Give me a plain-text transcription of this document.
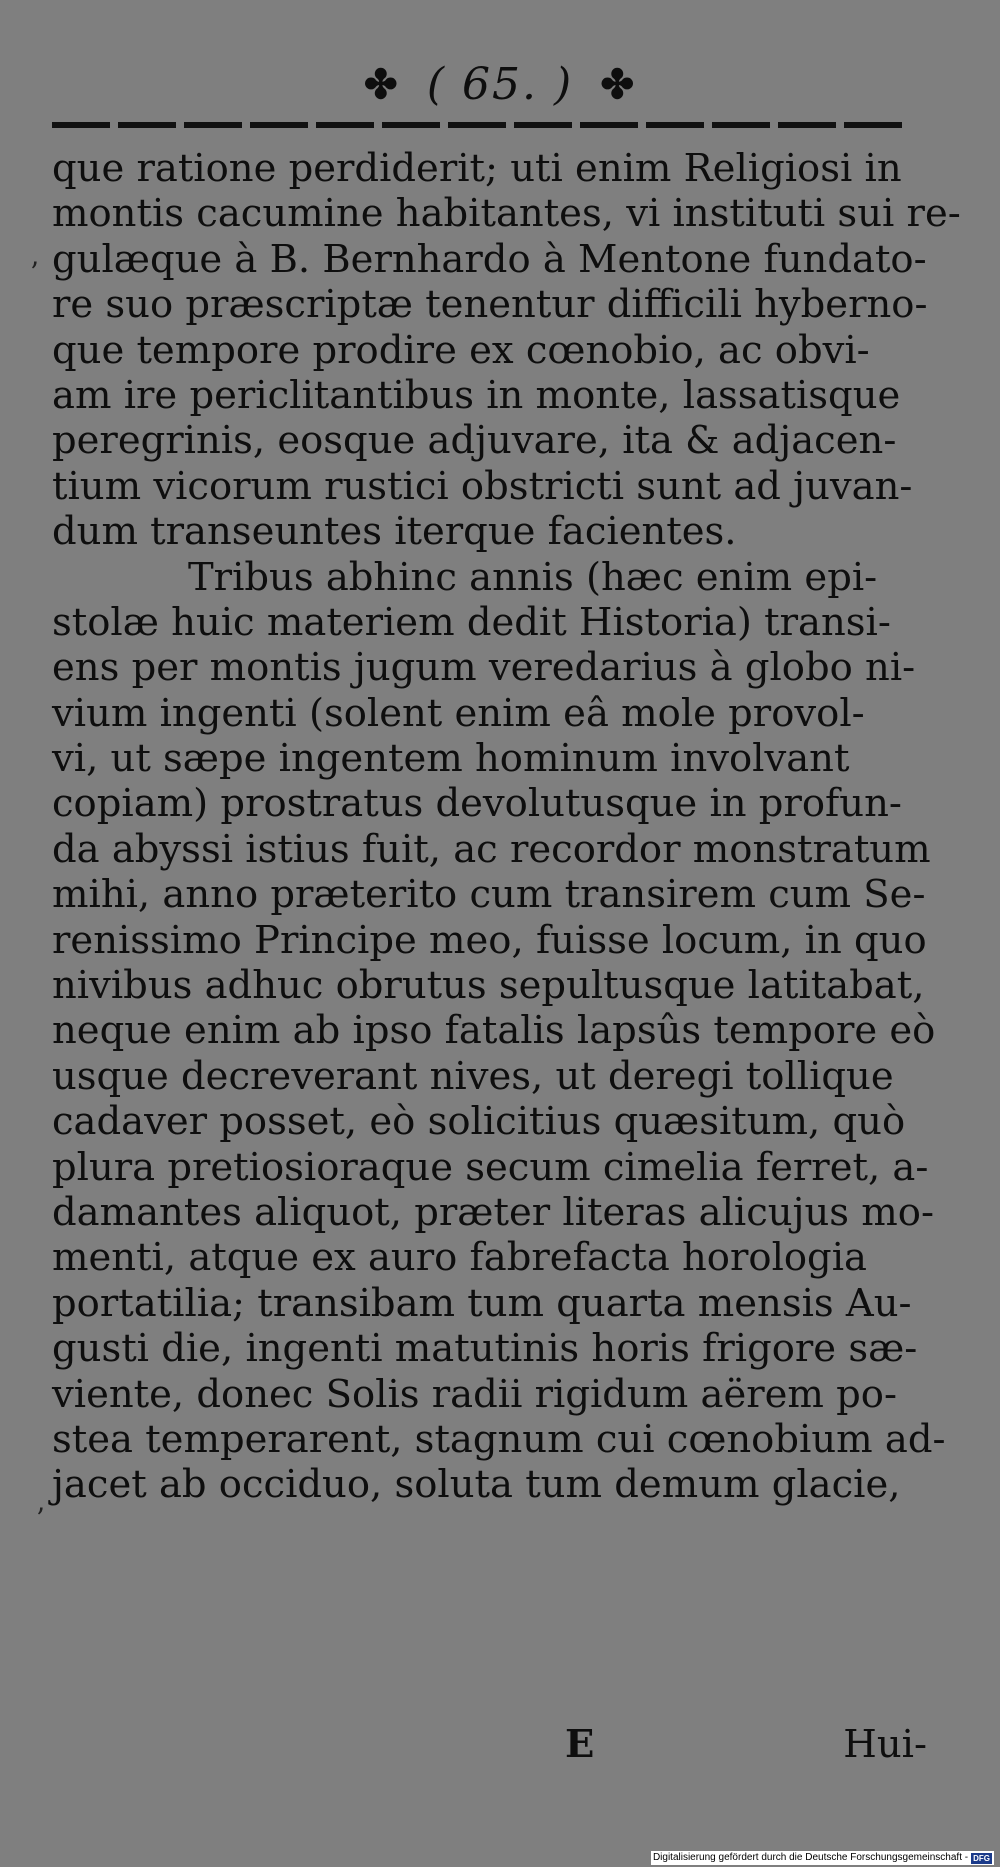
✤ ( 65. ) ✤
’
’
que ratione perdiderit; uti enim Religiosi in
montis cacumine habitantes, vi instituti sui re-
gulæque à B. Bernhardo à Mentone fundato-
re suo præscriptæ tenentur difficili hyberno-
que tempore prodire ex cœnobio, ac obvi-
am ire periclitantibus in monte, lassatisque
peregrinis, eosque adjuvare, ita & adjacen-
tium vicorum rustici obstricti sunt ad juvan-
dum transeuntes iterque facientes.
Tribus abhinc annis (hæc enim epi-
stolæ huic materiem dedit Historia) transi-
ens per montis jugum veredarius à globo ni-
vium ingenti (solent enim eâ mole provol-
vi, ut sæpe ingentem hominum involvant
copiam) prostratus devolutusque in profun-
da abyssi istius fuit, ac recordor monstratum
mihi, anno præterito cum transirem cum Se-
renissimo Principe meo, fuisse locum, in quo
nivibus adhuc obrutus sepultusque latitabat,
neque enim ab ipso fatalis lapsûs tempore eò
usque decreverant nives, ut deregi tollique
cadaver posset, eò solicitius quæsitum, quò
plura pretiosioraque secum cimelia ferret, a-
damantes aliquot, præter literas alicujus mo-
menti, atque ex auro fabrefacta horologia
portatilia; transibam tum quarta mensis Au-
gusti die, ingenti matutinis horis frigore sæ-
viente, donec Solis radii rigidum aërem po-
stea temperarent, stagnum cui cœnobium ad-
jacet ab occiduo, soluta tum demum glacie,
E	Hui-
Digitalisierung gefördert durch die Deutsche Forschungsgemeinschaft - DFG
